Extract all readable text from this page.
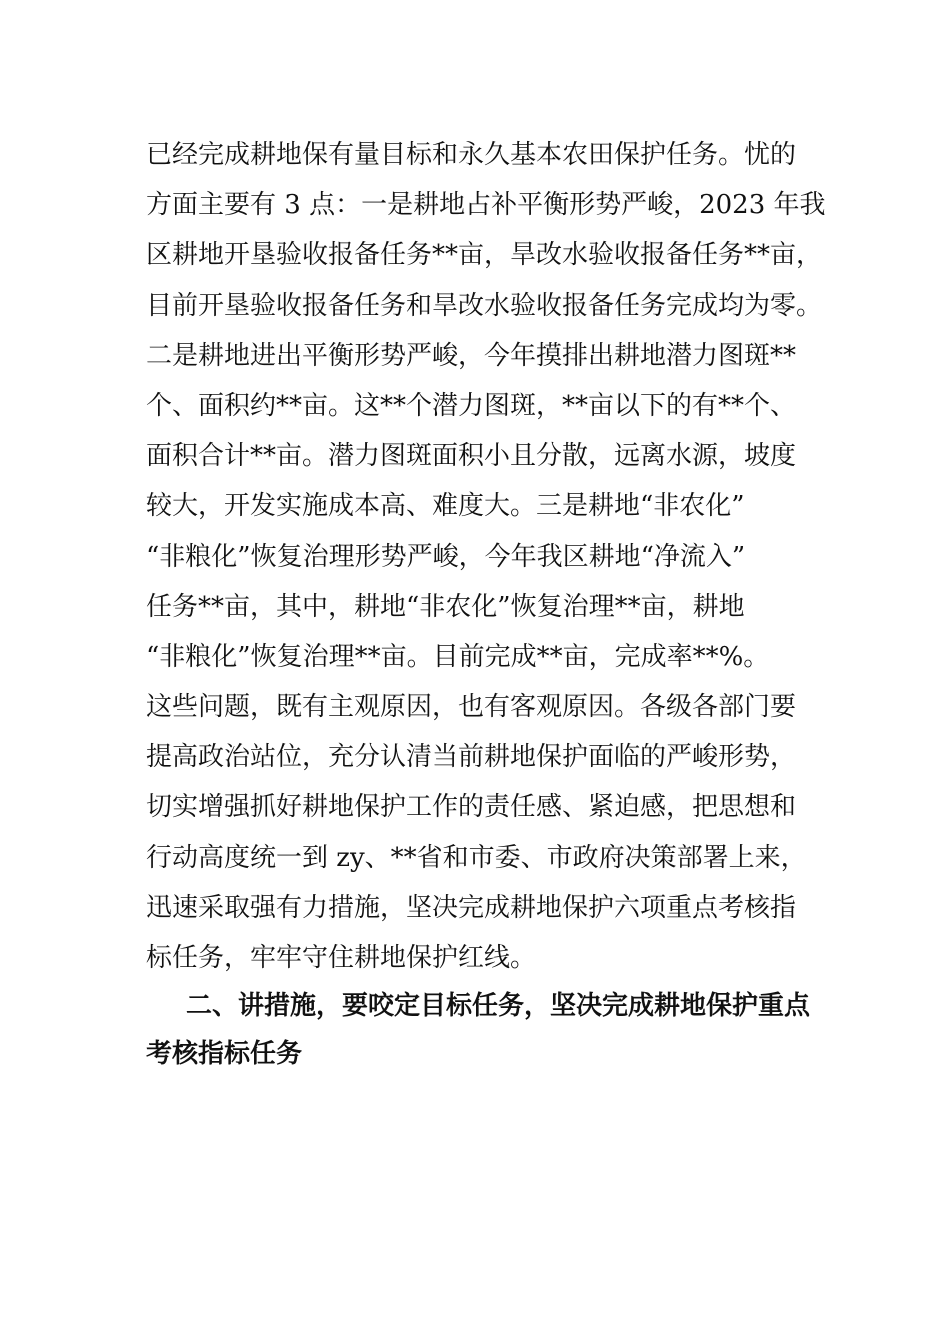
已经完成耕地保有量目标和永久基本农田保护任务。忧的
方面主要有 3 点：一是耕地占补平衡形势严峻，2023 年我
区耕地开垦验收报备任务**亩，旱改水验收报备任务**亩，
目前开垦验收报备任务和旱改水验收报备任务完成均为零。
二是耕地进出平衡形势严峻，今年摸排出耕地潜力图斑**
个、面积约**亩。这**个潜力图斑，**亩以下的有**个、
面积合计**亩。潜力图斑面积小且分散，远离水源，坡度
较大，开发实施成本高、难度大。三是耕地“非农化”
“非粮化”恢复治理形势严峻，今年我区耕地“净流入”
任务**亩，其中，耕地“非农化”恢复治理**亩，耕地
“非粮化”恢复治理**亩。目前完成**亩，完成率**%。
这些问题，既有主观原因，也有客观原因。各级各部门要
提高政治站位，充分认清当前耕地保护面临的严峻形势，
切实增强抓好耕地保护工作的责任感、紧迫感，把思想和
行动高度统一到 zy、**省和市委、市政府决策部署上来，
迅速采取强有力措施，坚决完成耕地保护六项重点考核指
标任务，牢牢守住耕地保护红线。
二、讲措施，要咬定目标任务，坚决完成耕地保护重点
考核指标任务
